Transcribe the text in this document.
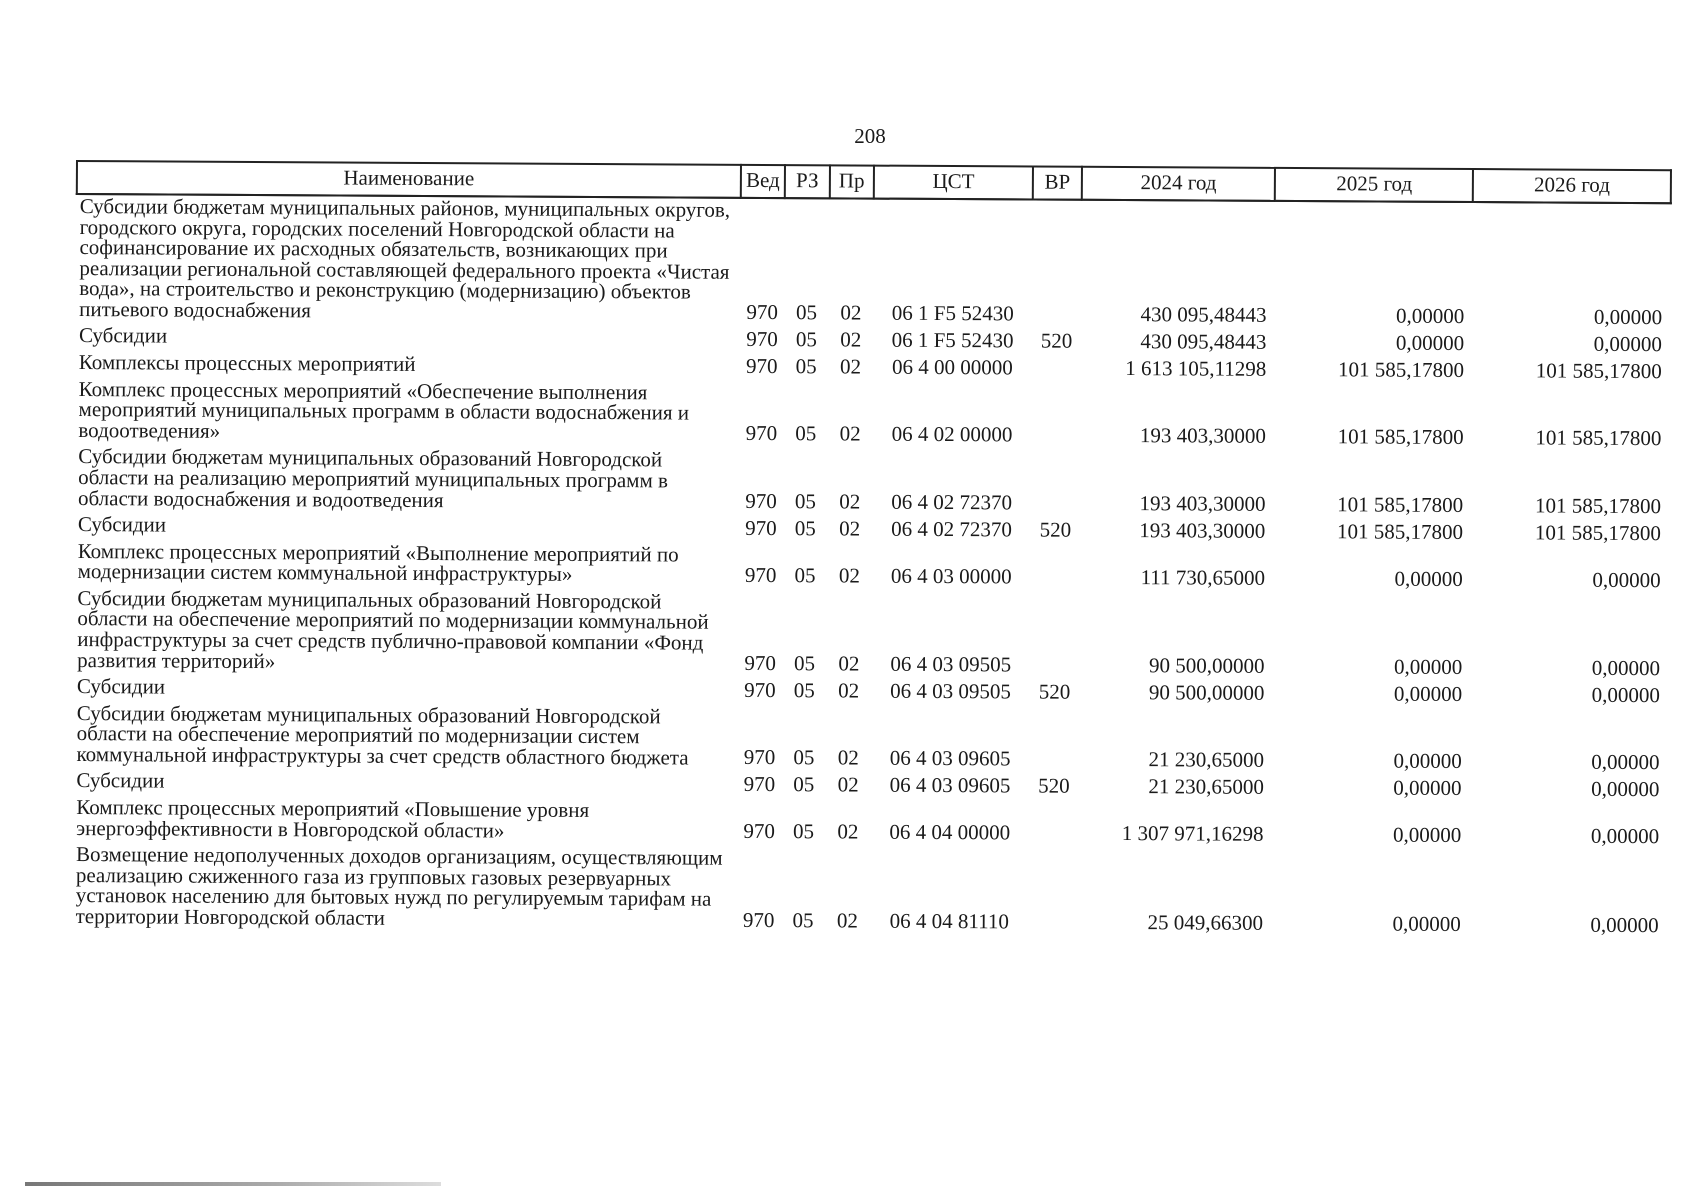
208
Наименование	Вед	РЗ	Пр	ЦСТ	ВР	2024 год	2025 год	2026 год
Субсидии бюджетам муниципальных районов, муниципальных округов, городского округа, городских поселений Новгородской области на софинансирование их расходных обязательств, возникающих при реализации региональной составляющей федерального проекта «Чистая вода», на строительство и реконструкцию (модернизацию) объектов питьевого водоснабжения	970	05	02	06 1 F5 52430		430 095,48443	0,00000	0,00000
Субсидии	970	05	02	06 1 F5 52430	520	430 095,48443	0,00000	0,00000
Комплексы процессных мероприятий	970	05	02	06 4 00 00000		1 613 105,11298	101 585,17800	101 585,17800
Комплекс процессных мероприятий «Обеспечение выполнения мероприятий муниципальных программ в области водоснабжения и водоотведения»	970	05	02	06 4 02 00000		193 403,30000	101 585,17800	101 585,17800
Субсидии бюджетам муниципальных образований Новгородской области на реализацию мероприятий муниципальных программ в области водоснабжения и водоотведения	970	05	02	06 4 02 72370		193 403,30000	101 585,17800	101 585,17800
Субсидии	970	05	02	06 4 02 72370	520	193 403,30000	101 585,17800	101 585,17800
Комплекс процессных мероприятий «Выполнение мероприятий по модернизации систем коммунальной инфраструктуры»	970	05	02	06 4 03 00000		111 730,65000	0,00000	0,00000
Субсидии бюджетам муниципальных образований Новгородской области на обеспечение мероприятий по модернизации коммунальной инфраструктуры за счет средств публично-правовой компании «Фонд развития территорий»	970	05	02	06 4 03 09505		90 500,00000	0,00000	0,00000
Субсидии	970	05	02	06 4 03 09505	520	90 500,00000	0,00000	0,00000
Субсидии бюджетам муниципальных образований Новгородской области на обеспечение мероприятий по модернизации систем коммунальной инфраструктуры за счет средств областного бюджета	970	05	02	06 4 03 09605		21 230,65000	0,00000	0,00000
Субсидии	970	05	02	06 4 03 09605	520	21 230,65000	0,00000	0,00000
Комплекс процессных мероприятий «Повышение уровня энергоэффективности в Новгородской области»	970	05	02	06 4 04 00000		1 307 971,16298	0,00000	0,00000
Возмещение недополученных доходов организациям, осуществляющим реализацию сжиженного газа из групповых газовых резервуарных установок населению для бытовых нужд по регулируемым тарифам на территории Новгородской области	970	05	02	06 4 04 81110		25 049,66300	0,00000	0,00000
